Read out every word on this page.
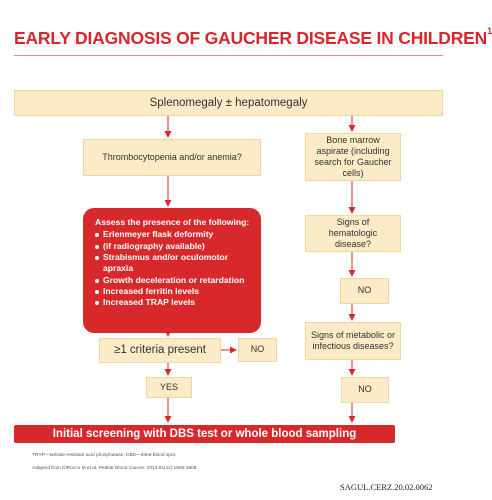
EARLY DIAGNOSIS OF GAUCHER DISEASE IN CHILDREN$^1$
Splenomegaly ± hepatomegaly
Thrombocytopenia and/or anemia?
Bone marrow aspirate (including search for Gaucher cells)
Assess the presence of the following:
Erlenmeyer flask deformity
(if radiography available)
Strabismus and/or oculomotor apraxia
Growth deceleration or retardation
Increased ferritin levels
Increased TRAP levels
Signs of hematologic disease?
NO
Signs of metabolic or infectious diseases?
≥1 criteria present	NO
YES	NO
Initial screening with DBS test or whole blood sampling
TRAP—tartrate-resistant acid phosphatase; DBS—dried blood spot.
Adapted from DiRocco M et al. Pediatr Blood Cancer. 2014;61(11):1905-1909.
SAGUL.CERZ.20.02.0062
